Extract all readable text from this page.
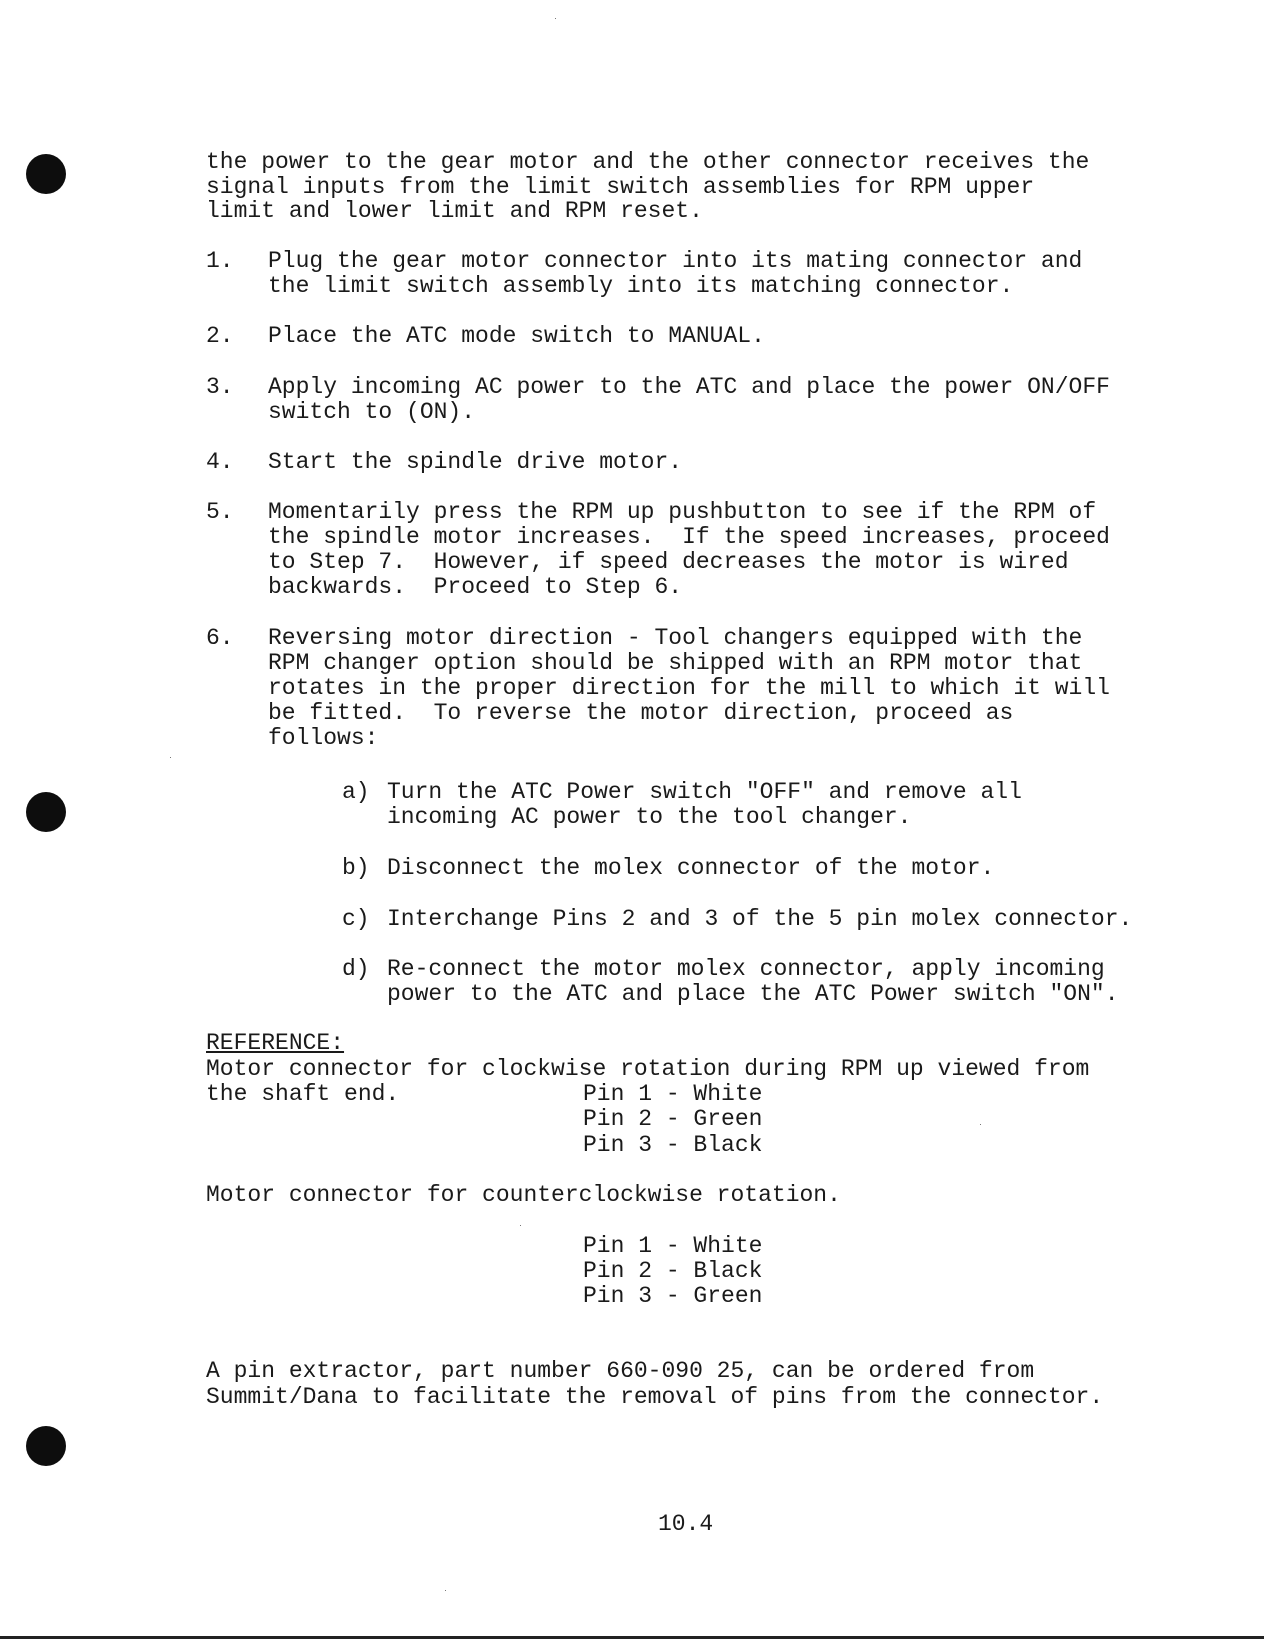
the power to the gear motor and the other connector receives the
signal inputs from the limit switch assemblies for RPM upper
limit and lower limit and RPM reset.
1. Plug the gear motor connector into its mating connector and
the limit switch assembly into its matching connector.
2. Place the ATC mode switch to MANUAL.
3. Apply incoming AC power to the ATC and place the power ON/OFF
switch to (ON).
4. Start the spindle drive motor.
5. Momentarily press the RPM up pushbutton to see if the RPM of
the spindle motor increases.  If the speed increases, proceed
to Step 7.  However, if speed decreases the motor is wired
backwards.  Proceed to Step 6.
6. Reversing motor direction - Tool changers equipped with the
RPM changer option should be shipped with an RPM motor that
rotates in the proper direction for the mill to which it will
be fitted.  To reverse the motor direction, proceed as
follows:
a) Turn the ATC Power switch "OFF" and remove all
incoming AC power to the tool changer.
b) Disconnect the molex connector of the motor.
c) Interchange Pins 2 and 3 of the 5 pin molex connector.
d) Re-connect the motor molex connector, apply incoming
power to the ATC and place the ATC Power switch "ON".
REFERENCE:
Motor connector for clockwise rotation during RPM up viewed from
the shaft end.	Pin 1 - White
Pin 2 - Green
Pin 3 - Black
Motor connector for counterclockwise rotation.
Pin 1 - White
Pin 2 - Black
Pin 3 - Green
A pin extractor, part number 660-090 25, can be ordered from
Summit/Dana to facilitate the removal of pins from the connector.
10.4
